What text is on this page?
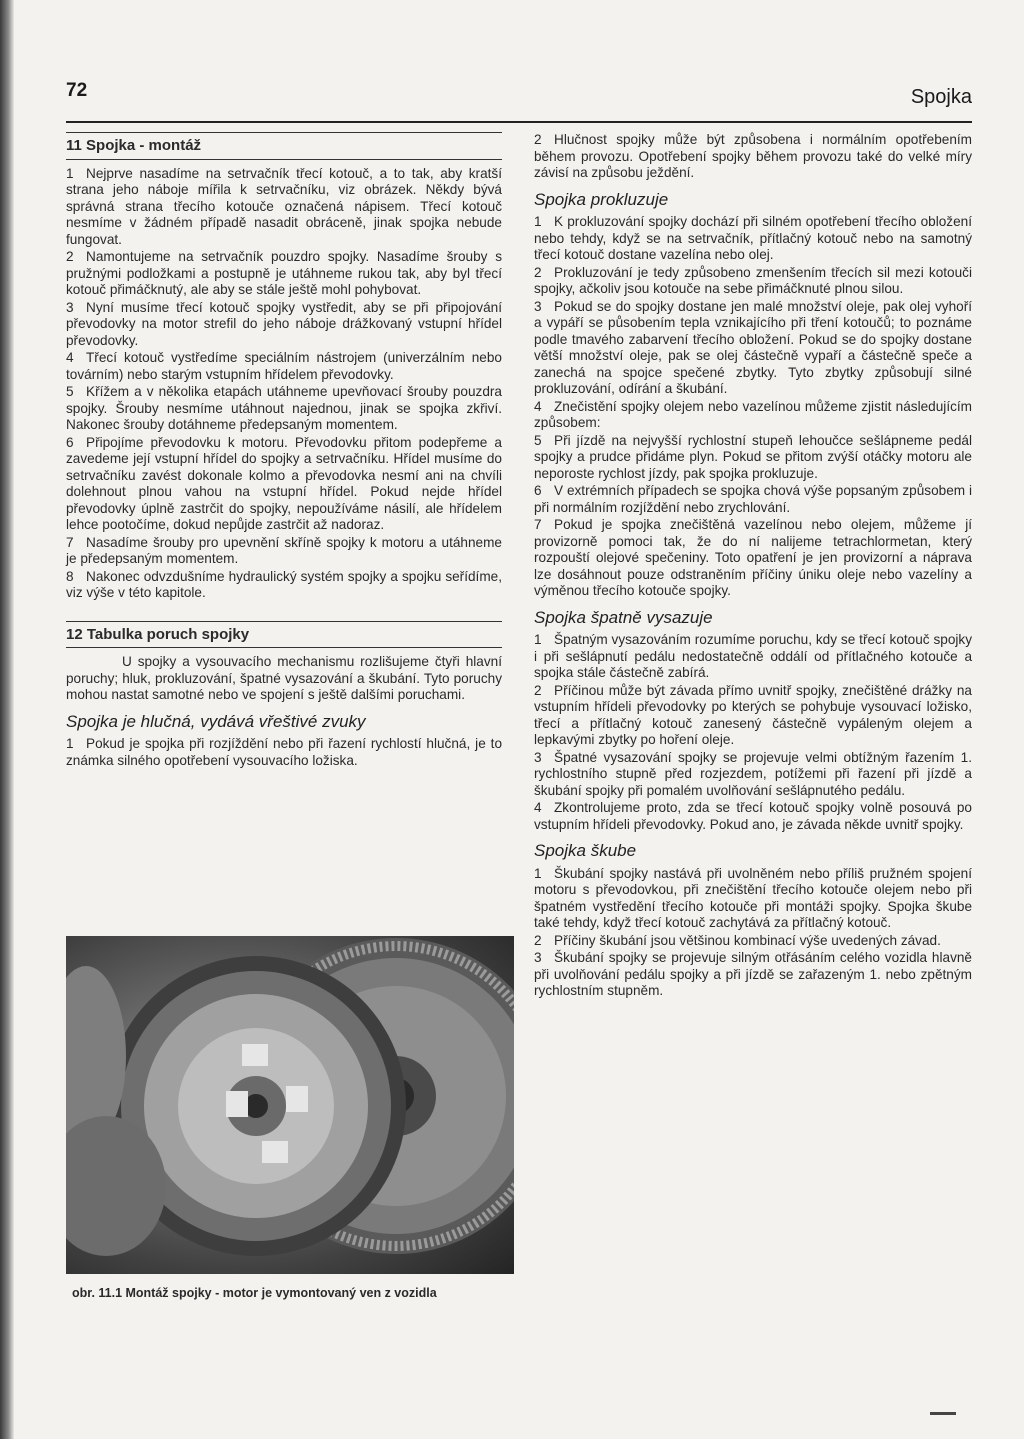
72	Spojka
11 Spojka - montáž

1 Nejprve nasadíme na setrvačník třecí kotouč, a to tak, aby kratší strana jeho náboje mířila k setrvačníku, viz obrázek. Někdy bývá správná strana třecího kotouče označená nápisem. Třecí kotouč nesmíme v žádném případě nasadit obráceně, jinak spojka nebude fungovat.

2 Namontujeme na setrvačník pouzdro spojky. Nasadíme šrouby s pružnými podložkami a postupně je utáhneme rukou tak, aby byl třecí kotouč přimáčknutý, ale aby se stále ještě mohl pohybovat.

3 Nyní musíme třecí kotouč spojky vystředit, aby se při připojování převodovky na motor strefil do jeho náboje drážkovaný vstupní hřídel převodovky.

4 Třecí kotouč vystředíme speciálním nástrojem (univerzálním nebo továrním) nebo starým vstupním hřídelem převodovky.

5 Křížem a v několika etapách utáhneme upevňovací šrouby pouzdra spojky. Šrouby nesmíme utáhnout najednou, jinak se spojka zkřiví. Nakonec šrouby dotáhneme předepsaným momentem.

6 Připojíme převodovku k motoru. Převodovku přitom podepřeme a zavedeme její vstupní hřídel do spojky a setrvačníku. Hřídel musíme do setrvačníku zavést dokonale kolmo a převodovka nesmí ani na chvíli dolehnout plnou vahou na vstupní hřídel. Pokud nejde hřídel převodovky úplně zastrčit do spojky, nepoužíváme násilí, ale hřídelem lehce pootočíme, dokud nepůjde zastrčit až nadoraz.

7 Nasadíme šrouby pro upevnění skříně spojky k motoru a utáhneme je předepsaným momentem.

8 Nakonec odvzdušníme hydraulický systém spojky a spojku seřídíme, viz výše v této kapitole.

12 Tabulka poruch spojky

U spojky a vysouvacího mechanismu rozlišujeme čtyři hlavní poruchy; hluk, prokluzování, špatné vysazování a škubání. Tyto poruchy mohou nastat samotné nebo ve spojení s ještě dalšími poruchami.

Spojka je hlučná, vydává vřeštivé zvuky

1 Pokud je spojka při rozjíždění nebo při řazení rychlostí hlučná, je to známka silného opotřebení vysouvacího ložiska.

obr. 11.1 Montáž spojky - motor je vymontovaný ven z vozidla

2 Hlučnost spojky může být způsobena i normálním opotřebením během provozu. Opotřebení spojky během provozu také do velké míry závisí na způsobu ježdění.

Spojka prokluzuje

1 K prokluzování spojky dochází při silném opotřebení třecího obložení nebo tehdy, když se na setrvačník, přítlačný kotouč nebo na samotný třecí kotouč dostane vazelína nebo olej.

2 Prokluzování je tedy způsobeno zmenšením třecích sil mezi kotouči spojky, ačkoliv jsou kotouče na sebe přimáčknuté plnou silou.

3 Pokud se do spojky dostane jen malé množství oleje, pak olej vyhoří a vypáří se působením tepla vznikajícího při tření kotoučů; to poznáme podle tmavého zabarvení třecího obložení. Pokud se do spojky dostane větší množství oleje, pak se olej částečně vypaří a částečně speče a zanechá na spojce spečené zbytky. Tyto zbytky způsobují silné prokluzování, odírání a škubání.

4 Znečistění spojky olejem nebo vazelínou můžeme zjistit následujícím způsobem:

5 Při jízdě na nejvyšší rychlostní stupeň lehoučce sešlápneme pedál spojky a prudce přidáme plyn. Pokud se přitom zvýší otáčky motoru ale neporoste rychlost jízdy, pak spojka prokluzuje.

6 V extrémních případech se spojka chová výše popsaným způsobem i při normálním rozjíždění nebo zrychlování.

7 Pokud je spojka znečištěná vazelínou nebo olejem, můžeme jí provizorně pomoci tak, že do ní nalijeme tetrachlormetan, který rozpouští olejové spečeniny. Toto opatření je jen provizorní a náprava lze dosáhnout pouze odstraněním příčiny úniku oleje nebo vazelíny a výměnou třecího kotouče spojky.

Spojka špatně vysazuje

1 Špatným vysazováním rozumíme poruchu, kdy se třecí kotouč spojky i při sešlápnutí pedálu nedostatečně oddálí od přítlačného kotouče a spojka stále částečně zabírá.

2 Příčinou může být závada přímo uvnitř spojky, znečištěné drážky na vstupním hřídeli převodovky po kterých se pohybuje vysouvací ložisko, třecí a přítlačný kotouč zanesený částečně vypáleným olejem a lepkavými zbytky po hoření oleje.

3 Špatné vysazování spojky se projevuje velmi obtížným řazením 1. rychlostního stupně před rozjezdem, potížemi při řazení při jízdě a škubání spojky při pomalém uvolňování sešlápnutého pedálu.

4 Zkontrolujeme proto, zda se třecí kotouč spojky volně posouvá po vstupním hřídeli převodovky. Pokud ano, je závada někde uvnitř spojky.

Spojka škube

1 Škubání spojky nastává při uvolněném nebo příliš pružném spojení motoru s převodovkou, při znečištění třecího kotouče olejem nebo při špatném vystředění třecího kotouče při montáži spojky. Spojka škube také tehdy, když třecí kotouč zachytává za přítlačný kotouč.

2 Příčiny škubání jsou většinou kombinací výše uvedených závad.

3 Škubání spojky se projevuje silným otřásáním celého vozidla hlavně při uvolňování pedálu spojky a při jízdě se zařazeným 1. nebo zpětným rychlostním stupněm.
